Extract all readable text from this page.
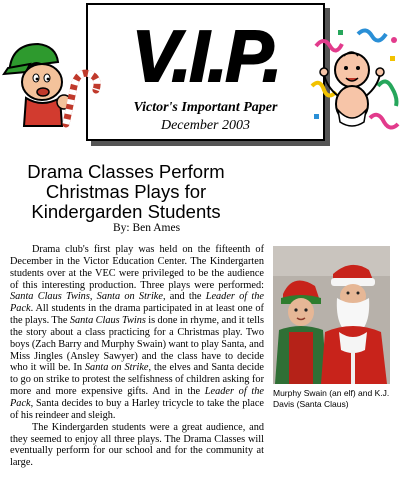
V.I.P.
Victor's Important Paper
December 2003
Drama Classes Perform Christmas Plays for Kindergarden Students
By: Ben Ames

Drama club's first play was held on the fifteenth of December in the Victor Education Center. The Kindergarten students over at the VEC were privileged to be the audience of this interesting production. Three plays were performed: Santa Claus Twins, Santa on Strike, and the Leader of the Pack. All students in the drama participated in at least one of the plays. The Santa Claus Twins is done in rhyme, and it tells the story about a class practicing for a Christmas play. Two boys (Zach Barry and Murphy Swain) want to play Santa, and Miss Jingles (Ansley Sawyer) and the class have to decide who it will be. In Santa on Strike, the elves and Santa decide to go on strike to protest the selfishness of children asking for more and more expensive gifts. And in the Leader of the Pack, Santa decides to buy a Harley tricycle to take the place of his reindeer and sleigh.

The Kindergarden students were a great audience, and they seemed to enjoy all three plays. The Drama Classes will eventually perform for our school and for the community at large.

Murphy Swain (an elf) and K.J. Davis (Santa Claus)
